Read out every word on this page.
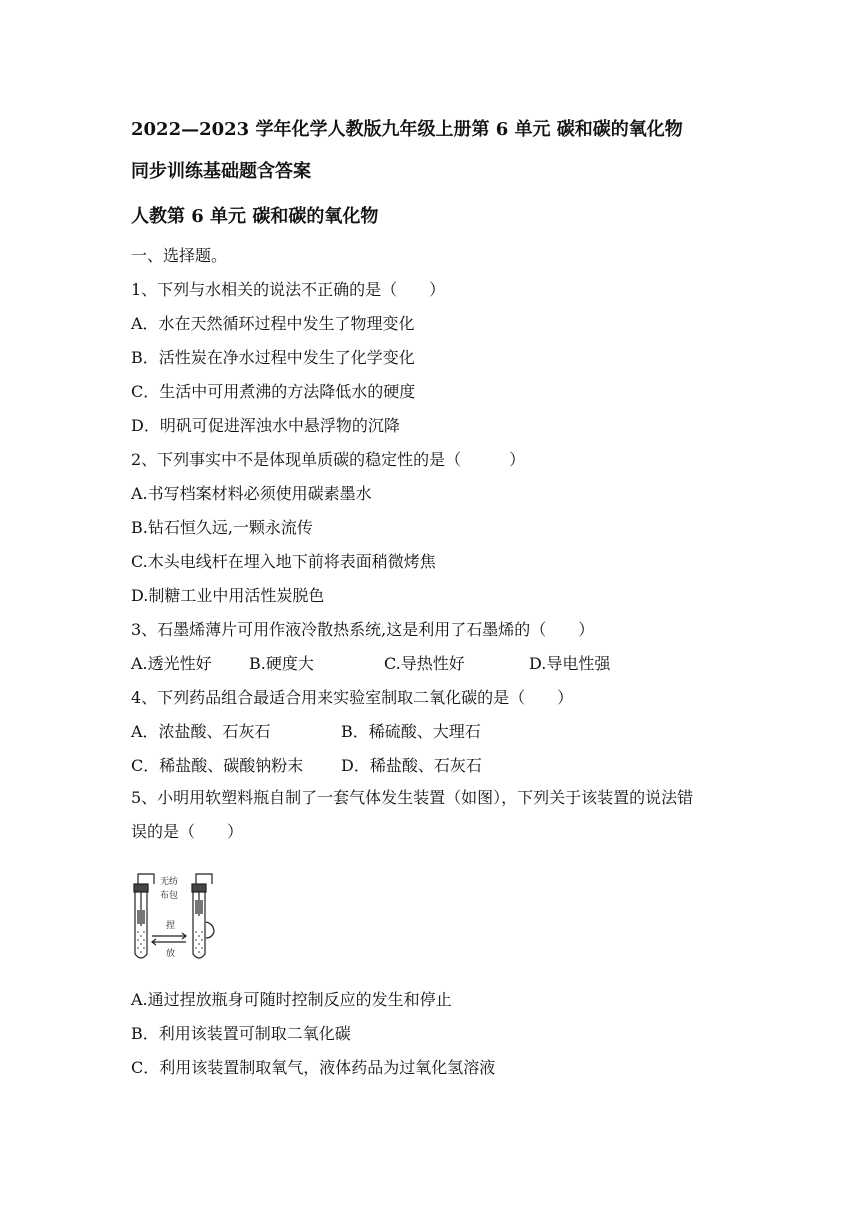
2022—2023 学年化学人教版九年级上册第 6 单元 碳和碳的氧化物
同步训练基础题含答案
人教第 6 单元 碳和碳的氧化物
一、选择题。
1、下列与水相关的说法不正确的是（　　）
A．水在天然循环过程中发生了物理变化
B．活性炭在净水过程中发生了化学变化
C．生活中可用煮沸的方法降低水的硬度
D．明矾可促进浑浊水中悬浮物的沉降
2、下列事实中不是体现单质碳的稳定性的是（　　　）
A.书写档案材料必须使用碳素墨水
B.钻石恒久远,一颗永流传
C.木头电线杆在埋入地下前将表面稍微烤焦
D.制糖工业中用活性炭脱色
3、石墨烯薄片可用作液冷散热系统,这是利用了石墨烯的（　　）
A.透光性好 B.硬度大	C.导热性好	D.导电性强
4、下列药品组合最适合用来实验室制取二氧化碳的是（　　）
A．浓盐酸、石灰石	B．稀硫酸、大理石
C．稀盐酸、碳酸钠粉末 D．稀盐酸、石灰石
5、小明用软塑料瓶自制了一套气体发生装置（如图），下列关于该装置的说法错
误的是（　　）
无纺
布包
捏
放
A.通过捏放瓶身可随时控制反应的发生和停止
B．利用该装置可制取二氧化碳
C．利用该装置制取氧气，液体药品为过氧化氢溶液
